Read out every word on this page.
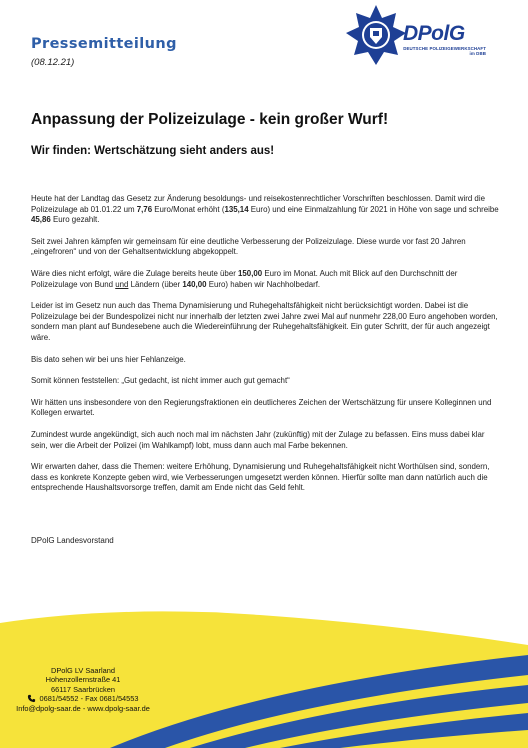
Pressemitteilung
(08.12.21)
DPolG
DEUTSCHE POLIZEIGEWERKSCHAFT
im DBB
Anpassung der Polizeizulage - kein großer Wurf!
Wir finden: Wertschätzung sieht anders aus!

Heute hat der Landtag das Gesetz zur Änderung besoldungs- und reisekostenrechtlicher Vorschriften beschlossen. Damit wird die Polizeizulage ab 01.01.22 um 7,76 Euro/Monat erhöht (135,14 Euro) und eine Einmalzahlung für 2021 in Höhe von sage und schreibe 45,86 Euro gezahlt.

Seit zwei Jahren kämpfen wir gemeinsam für eine deutliche Verbesserung der Polizeizulage. Diese wurde vor fast 20 Jahren „eingefroren“ und von der Gehaltsentwicklung abgekoppelt.

Wäre dies nicht erfolgt, wäre die Zulage bereits heute über 150,00 Euro im Monat. Auch mit Blick auf den Durchschnitt der Polizeizulage von Bund und Ländern (über 140,00 Euro) haben wir Nachholbedarf.

Leider ist im Gesetz nun auch das Thema Dynamisierung und Ruhegehaltsfähigkeit nicht berücksichtigt worden. Dabei ist die Polizeizulage bei der Bundespolizei nicht nur innerhalb der letzten zwei Jahre zwei Mal auf nunmehr 228,00 Euro angehoben worden, sondern man plant auf Bundesebene auch die Wiedereinführung der Ruhegehaltsfähigkeit. Ein guter Schritt, der für auch angezeigt wäre.

Bis dato sehen wir bei uns hier Fehlanzeige.

Somit können feststellen: „Gut gedacht, ist nicht immer auch gut gemacht“

Wir hätten uns insbesondere von den Regierungsfraktionen ein deutlicheres Zeichen der Wertschätzung für unsere Kolleginnen und Kollegen erwartet.

Zumindest wurde angekündigt, sich auch noch mal im nächsten Jahr (zukünftig) mit der Zulage zu befassen. Eins muss dabei klar sein, wer die Arbeit der Polizei (im Wahlkampf) lobt, muss dann auch mal Farbe bekennen.

Wir erwarten daher, dass die Themen: weitere Erhöhung, Dynamisierung und Ruhegehaltsfähigkeit nicht Worthülsen sind, sondern, dass es konkrete Konzepte geben wird, wie Verbesserungen umgesetzt werden können. Hierfür sollte man dann natürlich auch die entsprechende Haushaltsvorsorge treffen, damit am Ende nicht das Geld fehlt.

DPolG Landesvorstand
DPolG LV Saarland
Hohenzollernstraße 41
66117 Saarbrücken
0681/54552 - Fax 0681/54553
Info@dpolg-saar.de - www.dpolg-saar.de
